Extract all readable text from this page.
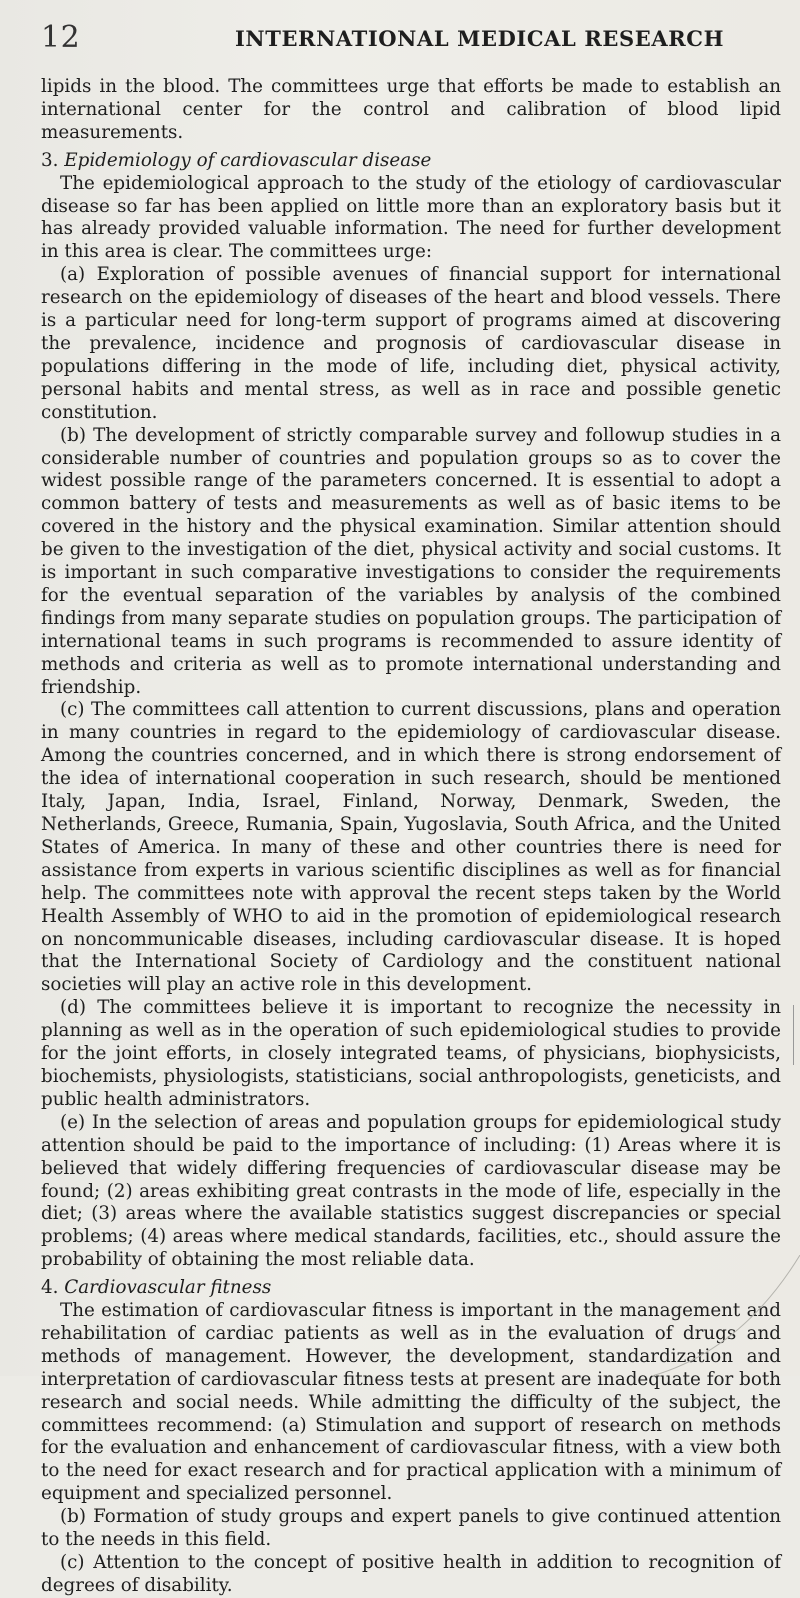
12	INTERNATIONAL MEDICAL RESEARCH

lipids in the blood. The committees urge that efforts be made to establish an international center for the control and calibration of blood lipid measurements.

3. Epidemiology of cardiovascular disease

The epidemiological approach to the study of the etiology of cardiovascular disease so far has been applied on little more than an exploratory basis but it has already provided valuable information. The need for further development in this area is clear. The committees urge:

(a) Exploration of possible avenues of financial support for international research on the epidemiology of diseases of the heart and blood vessels. There is a particular need for long-term support of programs aimed at discovering the prevalence, incidence and prognosis of cardiovascular disease in populations differing in the mode of life, including diet, physical activity, personal habits and mental stress, as well as in race and possible genetic constitution.

(b) The development of strictly comparable survey and followup studies in a considerable number of countries and population groups so as to cover the widest possible range of the parameters concerned. It is essential to adopt a common battery of tests and measurements as well as of basic items to be covered in the history and the physical examination. Similar attention should be given to the investigation of the diet, physical activity and social customs. It is important in such comparative investigations to consider the requirements for the eventual separation of the variables by analysis of the combined findings from many separate studies on population groups. The participation of international teams in such programs is recommended to assure identity of methods and criteria as well as to promote international understanding and friendship.

(c) The committees call attention to current discussions, plans and operation in many countries in regard to the epidemiology of cardiovascular disease. Among the countries concerned, and in which there is strong endorsement of the idea of international cooperation in such research, should be mentioned Italy, Japan, India, Israel, Finland, Norway, Denmark, Sweden, the Netherlands, Greece, Rumania, Spain, Yugoslavia, South Africa, and the United States of America. In many of these and other countries there is need for assistance from experts in various scientific disciplines as well as for financial help. The committees note with approval the recent steps taken by the World Health Assembly of WHO to aid in the promotion of epidemiological research on noncommunicable diseases, including cardiovascular disease. It is hoped that the International Society of Cardiology and the constituent national societies will play an active role in this development.

(d) The committees believe it is important to recognize the necessity in planning as well as in the operation of such epidemiological studies to provide for the joint efforts, in closely integrated teams, of physicians, biophysicists, biochemists, physiologists, statisticians, social anthropologists, geneticists, and public health administrators.

(e) In the selection of areas and population groups for epidemiological study attention should be paid to the importance of including: (1) Areas where it is believed that widely differing frequencies of cardiovascular disease may be found; (2) areas exhibiting great contrasts in the mode of life, especially in the diet; (3) areas where the available statistics suggest discrepancies or special problems; (4) areas where medical standards, facilities, etc., should assure the probability of obtaining the most reliable data.

4. Cardiovascular fitness

The estimation of cardiovascular fitness is important in the management and rehabilitation of cardiac patients as well as in the evaluation of drugs and methods of management. However, the development, standardization and interpretation of cardiovascular fitness tests at present are inadequate for both research and social needs. While admitting the difficulty of the subject, the committees recommend: (a) Stimulation and support of research on methods for the evaluation and enhancement of cardiovascular fitness, with a view both to the need for exact research and for practical application with a minimum of equipment and specialized personnel.

(b) Formation of study groups and expert panels to give continued attention to the needs in this field.

(c) Attention to the concept of positive health in addition to recognition of degrees of disability.
